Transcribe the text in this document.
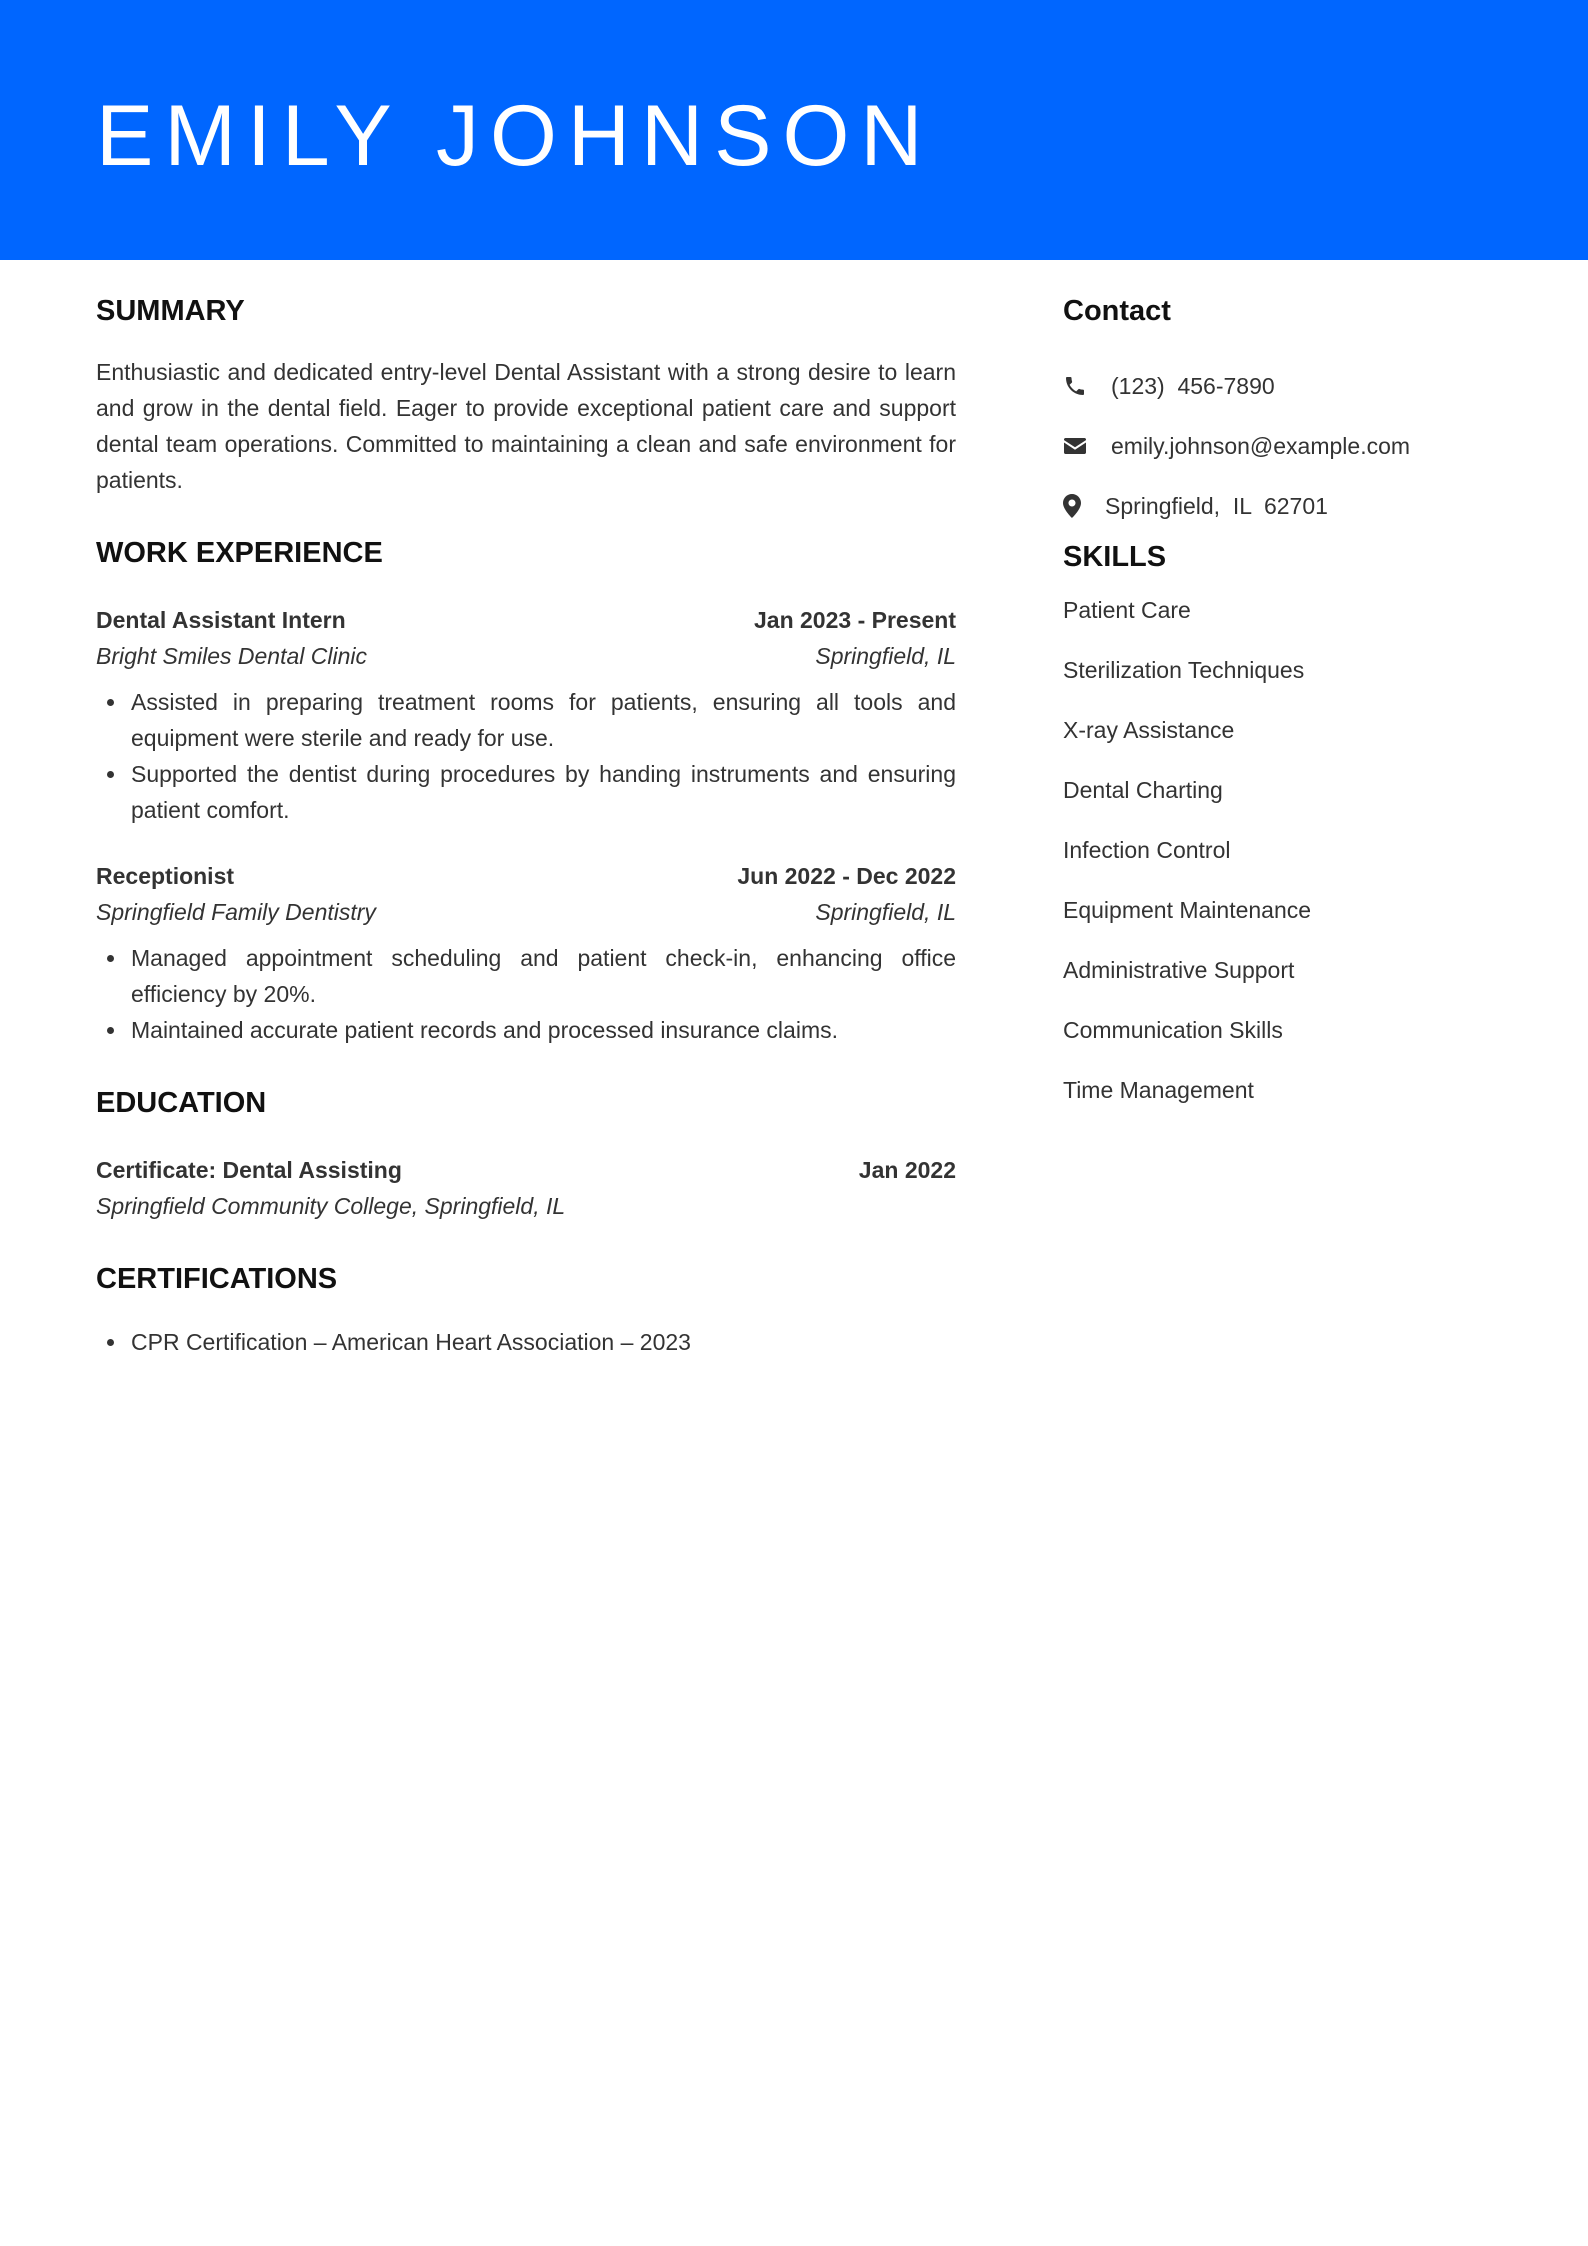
EMILY JOHNSON
SUMMARY

Enthusiastic and dedicated entry-level Dental Assistant with a strong desire to learn and grow in the dental field. Eager to provide exceptional patient care and support dental team operations. Committed to maintaining a clean and safe environment for patients.

WORK EXPERIENCE
Dental Assistant Intern	Jan 2023 - Present
Bright Smiles Dental Clinic	Springfield, IL
Assisted in preparing treatment rooms for patients, ensuring all tools and equipment were sterile and ready for use.
Supported the dentist during procedures by handing instruments and ensuring patient comfort.
Receptionist	Jun 2022 - Dec 2022
Springfield Family Dentistry	Springfield, IL
Managed appointment scheduling and patient check-in, enhancing office efficiency by 20%.
Maintained accurate patient records and processed insurance claims.
EDUCATION
Certificate: Dental Assisting	Jan 2022
Springfield Community College, Springfield, IL
CERTIFICATIONS
CPR Certification – American Heart Association – 2023
Contact
(123)  456-7890
emily.johnson@example.com
Springfield,  IL  62701
SKILLS
Patient Care
Sterilization Techniques
X-ray Assistance
Dental Charting
Infection Control
Equipment Maintenance
Administrative Support
Communication Skills
Time Management
